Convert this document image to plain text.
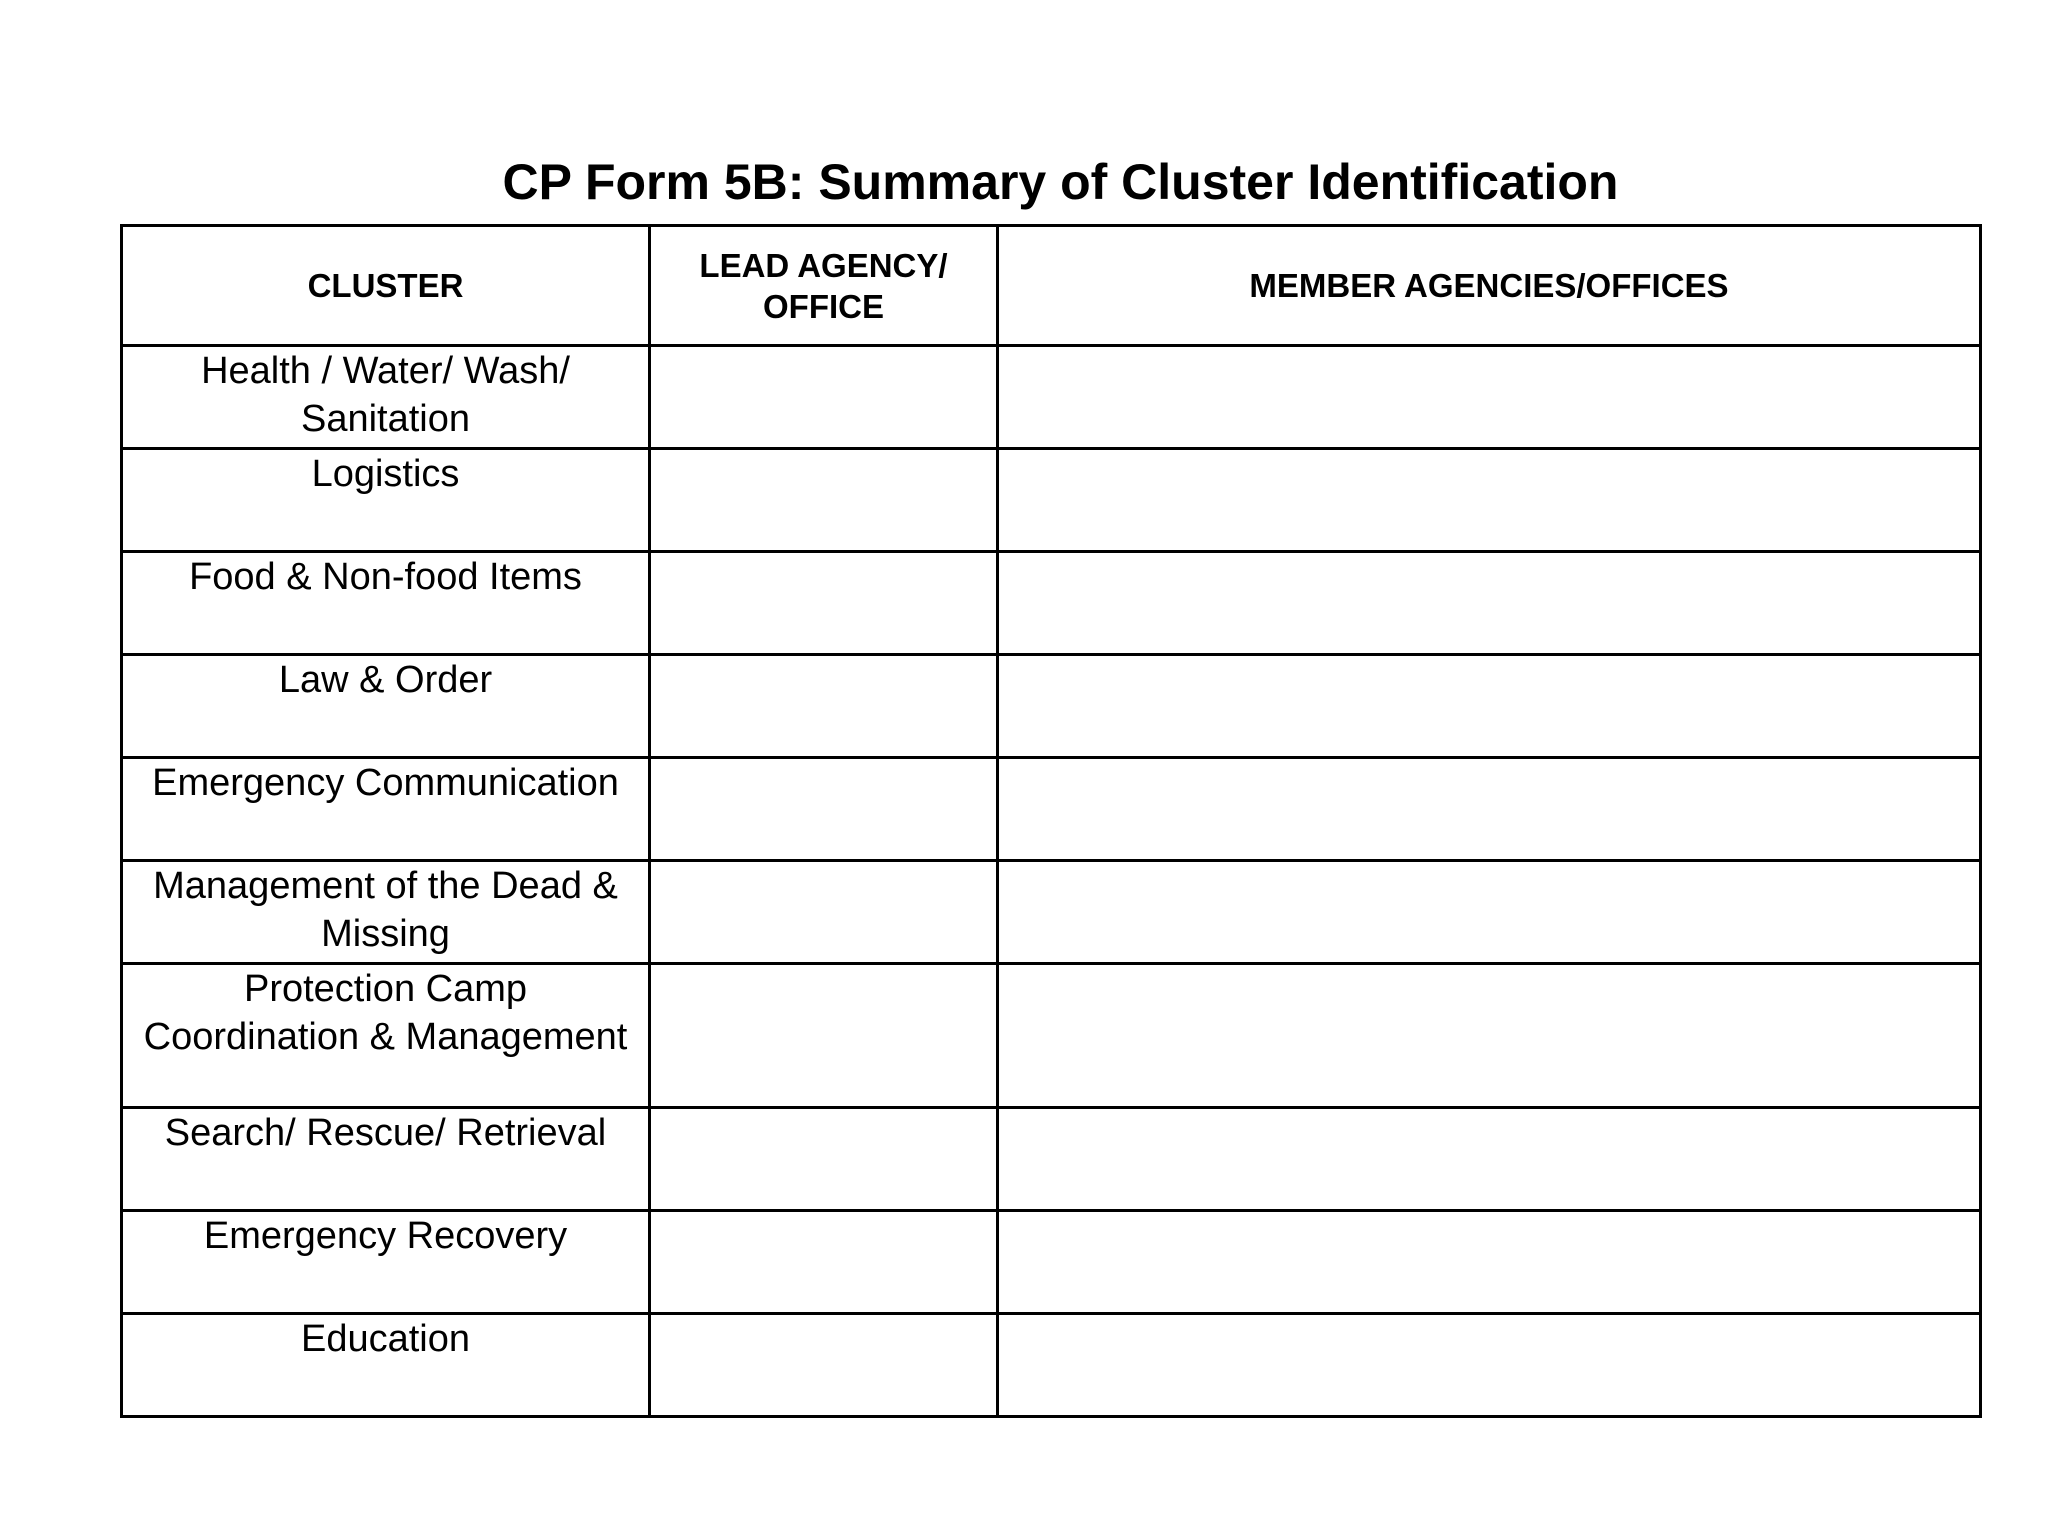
CP Form 5B: Summary of Cluster Identification
CLUSTER	LEAD AGENCY/ OFFICE	MEMBER AGENCIES/OFFICES

Health / Water/ Wash/ Sanitation		

Logistics		

Food & Non-food Items		

Law & Order		

Emergency Communication		

Management of the Dead & Missing		

Protection Camp Coordination & Management		

Search/ Rescue/ Retrieval		

Emergency Recovery		

Education		
